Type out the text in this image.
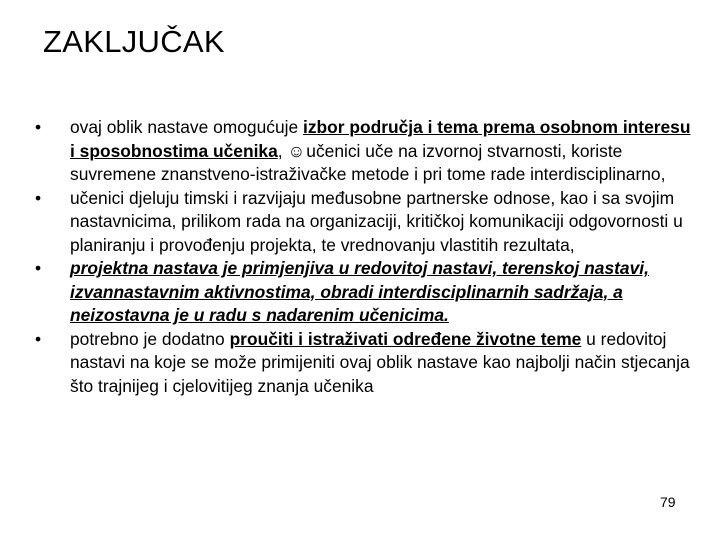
ZAKLJUČAK
•	ovaj oblik nastave omogućuje izbor područja i tema prema osobnom interesu i sposobnostima učenika, ☺ učenici uče na izvornoj stvarnosti, koriste suvremene znanstveno-istraživačke metode i pri tome rade interdisciplinarno,
•	učenici djeluju timski i razvijaju međusobne partnerske odnose, kao i sa svojim nastavnicima, prilikom rada na organizaciji, kritičkoj komunikaciji odgovornosti u planiranju i provođenju projekta, te vrednovanju vlastitih rezultata,
•	projektna nastava je primjenjiva u redovitoj nastavi, terenskoj nastavi, izvannastavnim aktivnostima, obradi interdisciplinarnih sadržaja, a neizostavna je u radu s nadarenim učenicima.
•	potrebno je dodatno proučiti i istraživati određene životne teme u redovitoj nastavi na koje se može primijeniti ovaj oblik nastave kao najbolji način stjecanja što trajnijeg i cjelovitijeg znanja učenika
79
